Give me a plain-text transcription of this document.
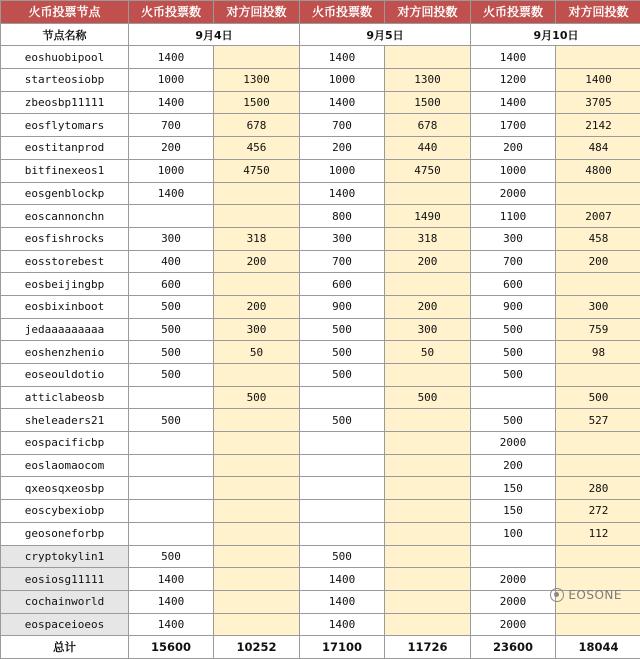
火币投票节点	火币投票数	对方回投数	火币投票数	对方回投数	火币投票数	对方回投数
节点名称	9月4日		9月5日		9月10日	
eoshuobipool	1400		1400		1400	
starteosiobp	1000	1300	1000	1300	1200	1400
zbeosbp11111	1400	1500	1400	1500	1400	3705
eosflytomars	700	678	700	678	1700	2142
eostitanprod	200	456	200	440	200	484
bitfinexeos1	1000	4750	1000	4750	1000	4800
eosgenblockp	1400		1400		2000	
eoscannonchn			800	1490	1100	2007
eosfishrocks	300	318	300	318	300	458
eosstorebest	400	200	700	200	700	200
eosbeijingbp	600		600		600	
eosbixinboot	500	200	900	200	900	300
jedaaaaaaaaa	500	300	500	300	500	759
eoshenzhenio	500	50	500	50	500	98
eoseouldotio	500		500		500	
atticlabeosb		500		500		500
sheleaders21	500		500		500	527
eospacificbp					2000	
eoslaomaocom					200	
qxeosqxeosbp					150	280
eoscybexiobp					150	272
geosoneforbp					100	112
cryptokylin1	500		500			
eosiosg11111	1400		1400		2000	
cochainworld	1400		1400		2000	
eospaceioeos	1400		1400		2000	
总计	15600	10252	17100	11726	23600	18044
EOSONE
